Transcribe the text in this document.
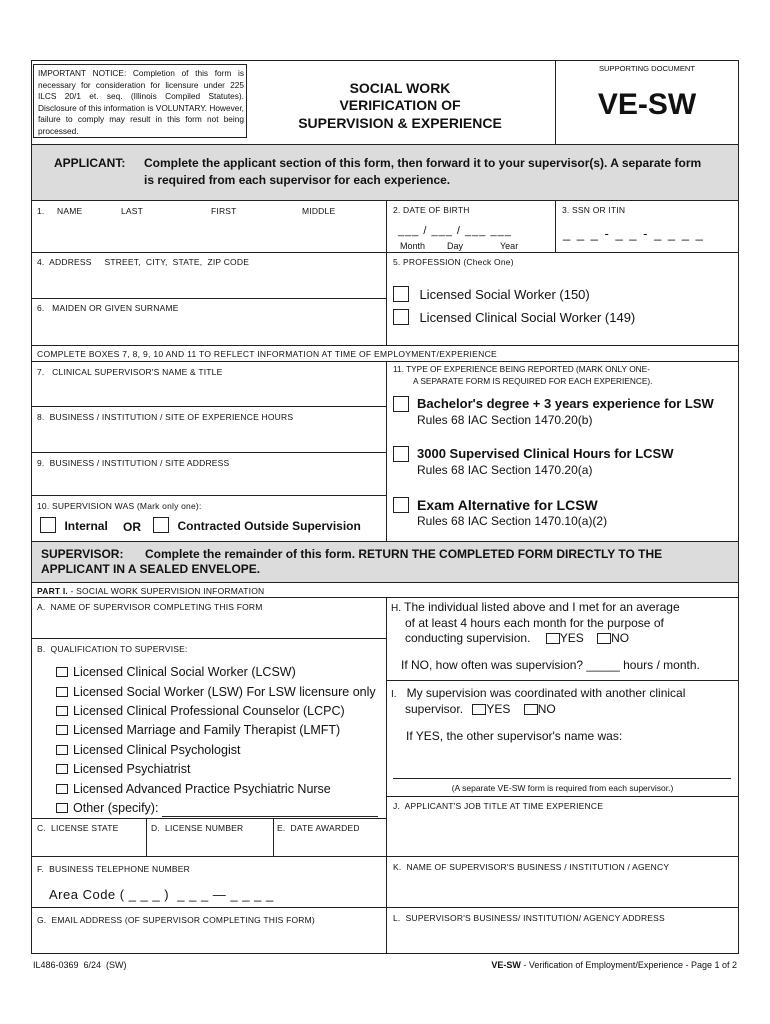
IMPORTANT NOTICE: Completion of this form is necessary for consideration for licensure under 225 ILCS 20/1 et. seq. (Illinois Compiled Statutes). Disclosure of this information is VOLUNTARY. However, failure to comply may result in this form not being processed.
SOCIAL WORK
VERIFICATION OF
SUPERVISION & EXPERIENCE
SUPPORTING DOCUMENT
VE-SW
APPLICANT: Complete the applicant section of this form, then forward it to your supervisor(s). A separate form
is required from each supervisor for each experience.
1. NAME	LAST	FIRST	MIDDLE	2. DATE OF BIRTH
___ / ___ / ___ ___
Month Day	Year
3. SSN OR ITIN
_ _ _ - _ _ - _ _ _ _
4.  ADDRESS     STREET,  CITY,  STATE,  ZIP CODE	5. PROFESSION (Check One)
Licensed Social Worker (150)
Licensed Clinical Social Worker (149)
6.   MAIDEN OR GIVEN SURNAME
COMPLETE BOXES 7, 8, 9, 10 AND 11 TO REFLECT INFORMATION AT TIME OF EMPLOYMENT/EXPERIENCE
7.   CLINICAL SUPERVISOR'S NAME & TITLE
8.  BUSINESS / INSTITUTION / SITE OF EXPERIENCE HOURS
9.  BUSINESS / INSTITUTION / SITE ADDRESS
10. SUPERVISION WAS (Mark only one):
Internal OR	Contracted Outside Supervision
11. TYPE OF EXPERIENCE BEING REPORTED (MARK ONLY ONE-
A SEPARATE FORM IS REQUIRED FOR EACH EXPERIENCE).
Bachelor's degree + 3 years experience for LSW
Rules 68 IAC Section 1470.20(b)
3000 Supervised Clinical Hours for LCSW
Rules 68 IAC Section 1470.20(a)
Exam Alternative for LCSW
Rules 68 IAC Section 1470.10(a)(2)
SUPERVISOR: Complete the remainder of this form. RETURN THE COMPLETED FORM DIRECTLY TO THE
APPLICANT IN A SEALED ENVELOPE.
PART I. - SOCIAL WORK SUPERVISION INFORMATION
A.  NAME OF SUPERVISOR COMPLETING THIS FORM
B.  QUALIFICATION TO SUPERVISE:
Licensed Clinical Social Worker (LCSW)
Licensed Social Worker (LSW) For LSW licensure only
Licensed Clinical Professional Counselor (LCPC)
Licensed Marriage and Family Therapist (LMFT)
Licensed Clinical Psychologist
Licensed Psychiatrist
Licensed Advanced Practice Psychiatric Nurse
Other (specify):
C.  LICENSE STATE	D.  LICENSE NUMBER	E.  DATE AWARDED
F.  BUSINESS TELEPHONE NUMBER
Area Code ( _ _ _ )  _ _ _ — _ _ _ _
G.  EMAIL ADDRESS (OF SUPERVISOR COMPLETING THIS FORM)
H. The individual listed above and I met for an average
of at least 4 hours each month for the purpose of
conducting supervision. YES NO
If NO, how often was supervision? _____ hours / month.
I. My supervision was coordinated with another clinical
supervisor. YES NO
If YES, the other supervisor's name was:
(A separate VE-SW form is required from each supervisor.)
J.  APPLICANT'S JOB TITLE AT TIME EXPERIENCE
K.  NAME OF SUPERVISOR'S BUSINESS / INSTITUTION / AGENCY
L.  SUPERVISOR'S BUSINESS/ INSTITUTION/ AGENCY ADDRESS
IL486-0369  6/24  (SW)	VE-SW - Verification of Employment/Experience - Page 1 of 2
